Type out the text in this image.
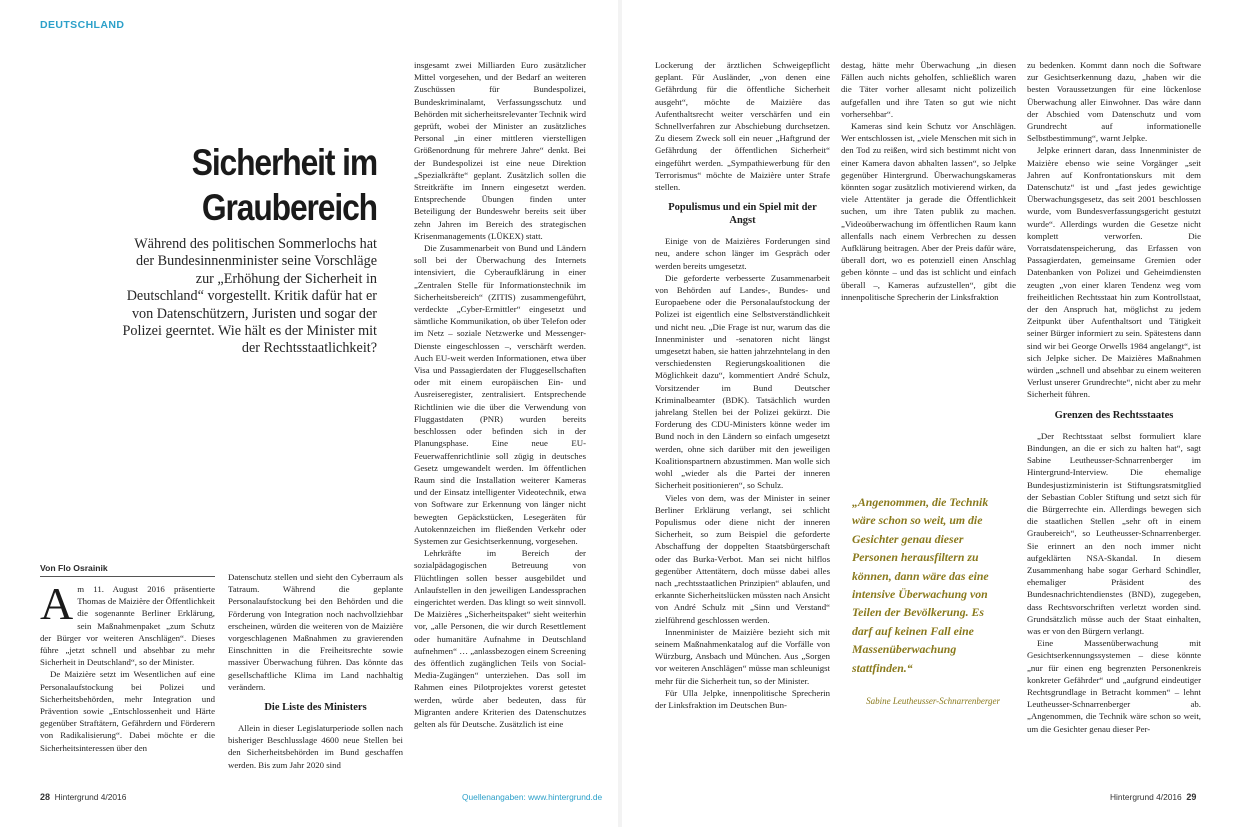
DEUTSCHLAND
Sicherheit im
Graubereich
Während des politischen Sommerlochs hat der Bundesinnenminister seine Vorschläge zur „Erhöhung der Sicherheit in Deutschland“ vorgestellt. Kritik dafür hat er von Datenschützern, Juristen und sogar der Polizei geerntet. Wie hält es der Minister mit der Rechtsstaatlichkeit?
Von Flo Osrainik

Am 11. August 2016 präsentierte Thomas de Maizière der Öffentlichkeit die sogenannte Berliner Erklärung, sein Maßnahmenpaket „zum Schutz der Bürger vor weiteren Anschlägen“. Dieses führe „jetzt schnell und absehbar zu mehr Sicherheit in Deutschland“, so der Minister.

De Maizière setzt im Wesentlichen auf eine Personalaufstockung bei Polizei und Sicherheitsbehörden, mehr Integration und Prävention sowie „Entschlossenheit und Härte gegenüber Straftätern, Gefährdern und Förderern von Radikalisierung“. Dabei möchte er die Sicherheitsinteressen über den

Datenschutz stellen und sieht den Cyberraum als Tatraum. Während die geplante Personalaufstockung bei den Behörden und die Förderung von Integration noch nachvollziehbar erscheinen, würden die weiteren von de Maizière vorgeschlagenen Maßnahmen zu gravierenden Einschnitten in die Freiheitsrechte sowie massiver Überwachung führen. Das könnte das gesellschaftliche Klima im Land nachhaltig verändern.

Die Liste des Ministers

Allein in dieser Legislaturperiode sollen nach bisheriger Beschlusslage 4600 neue Stellen bei den Sicherheitsbehörden im Bund geschaffen werden. Bis zum Jahr 2020 sind

insgesamt zwei Milliarden Euro zusätzlicher Mittel vorgesehen, und der Bedarf an weiteren Zuschüssen für Bundespolizei, Bundeskriminalamt, Verfassungsschutz und Behörden mit sicherheitsrelevanter Technik wird geprüft, wobei der Minister an zusätzliches Personal „in einer mittleren vierstelligen Größenordnung für mehrere Jahre“ denkt. Bei der Bundespolizei ist eine neue Direktion „Spezialkräfte“ geplant. Zusätzlich sollen die Streitkräfte im Innern eingesetzt werden. Entsprechende Übungen finden unter Beteiligung der Bundeswehr bereits seit über zehn Jahren im Bereich des strategischen Krisenmanagements (LÜKEX) statt.

Die Zusammenarbeit von Bund und Ländern soll bei der Überwachung des Internets intensiviert, die Cyberaufklärung in einer „Zentralen Stelle für Informationstechnik im Sicherheitsbereich“ (ZITIS) zusammengeführt, verdeckte „Cyber-Ermittler“ eingesetzt und sämtliche Kommunikation, ob über Telefon oder im Netz – soziale Netzwerke und Messenger-Dienste eingeschlossen –, verschärft werden. Auch EU-weit werden Informationen, etwa über Visa und Passagierdaten der Fluggesellschaften oder mit einem europäischen Ein- und Ausreiseregister, zentralisiert. Entsprechende Richtlinien wie die über die Verwendung von Fluggastdaten (PNR) wurden bereits beschlossen oder befinden sich in der Planungsphase. Eine neue EU-Feuerwaffenrichtlinie soll zügig in deutsches Gesetz umgewandelt werden. Im öffentlichen Raum sind die Installation weiterer Kameras und der Einsatz intelligenter Videotechnik, etwa von Software zur Erkennung von länger nicht bewegten Gepäckstücken, Lesegeräten für Autokennzeichen im fließenden Verkehr oder Systemen zur Gesichtserkennung, vorgesehen.

Lehrkräfte im Bereich der sozialpädagogischen Betreuung von Flüchtlingen sollen besser ausgebildet und Anlaufstellen in den jeweiligen Landessprachen eingerichtet werden. Das klingt so weit sinnvoll. De Maizières „Sicherheitspaket“ sieht weiterhin vor, „alle Personen, die wir durch Resettlement oder humanitäre Aufnahme in Deutschland aufnehmen“ … „anlassbezogen einem Screening des öffentlich zugänglichen Teils von Social-Media-Zugängen“ unterziehen. Das soll im Rahmen eines Pilotprojektes vorerst getestet werden, würde aber bedeuten, dass für Migranten andere Kriterien des Datenschutzes gelten als für Deutsche. Zusätzlich ist eine

Lockerung der ärztlichen Schweigepflicht geplant. Für Ausländer, „von denen eine Gefährdung für die öffentliche Sicherheit ausgeht“, möchte de Maizière das Aufenthaltsrecht weiter verschärfen und ein Schnellverfahren zur Abschiebung durchsetzen. Zu diesem Zweck soll ein neuer „Haftgrund der Gefährdung der öffentlichen Sicherheit“ eingeführt werden. „Sympathiewerbung für den Terrorismus“ möchte de Maizière unter Strafe stellen.

Populismus und ein Spiel mit der Angst

Einige von de Maizières Forderungen sind neu, andere schon länger im Gespräch oder werden bereits umgesetzt.

Die geforderte verbesserte Zusammenarbeit von Behörden auf Landes-, Bundes- und Europaebene oder die Personalaufstockung der Polizei ist eigentlich eine Selbstverständlichkeit und nicht neu. „Die Frage ist nur, warum das die Innenminister und -senatoren nicht längst umgesetzt haben, sie hatten jahrzehntelang in den verschiedensten Regierungskoalitionen die Möglichkeit dazu“, kommentiert André Schulz, Vorsitzender im Bund Deutscher Kriminalbeamter (BDK). Tatsächlich wurden jahrelang Stellen bei der Polizei gekürzt. Die Forderung des CDU-Ministers könne weder im Bund noch in den Ländern so einfach umgesetzt werden, ohne sich darüber mit den jeweiligen Koalitionspartnern abzustimmen. Man wolle sich wohl „wieder als die Partei der inneren Sicherheit positionieren“, so Schulz.

Vieles von dem, was der Minister in seiner Berliner Erklärung verlangt, sei schlicht Populismus oder diene nicht der inneren Sicherheit, so zum Beispiel die geforderte Abschaffung der doppelten Staatsbürgerschaft oder das Burka-Verbot. Man sei nicht hilflos gegenüber Attentätern, doch müsse dabei alles nach „rechtsstaatlichen Prinzipien“ ablaufen, und erkannte Sicherheitslücken müssten nach Ansicht von André Schulz mit „Sinn und Verstand“ zielführend geschlossen werden.

Innenminister de Maizière bezieht sich mit seinem Maßnahmenkatalog auf die Vorfälle von Würzburg, Ansbach und München. Aus „Sorgen vor weiteren Anschlägen“ müsse man schleunigst mehr für die Sicherheit tun, so der Minister.

Für Ulla Jelpke, innenpolitische Sprecherin der Linksfraktion im Deutschen Bun-

destag, hätte mehr Überwachung „in diesen Fällen auch nichts geholfen, schließlich waren die Täter vorher allesamt nicht polizeilich aufgefallen und ihre Taten so gut wie nicht vorhersehbar“.

Kameras sind kein Schutz vor Anschlägen. Wer entschlossen ist, „viele Menschen mit sich in den Tod zu reißen, wird sich bestimmt nicht von einer Kamera davon abhalten lassen“, so Jelpke gegenüber Hintergrund. Überwachungskameras könnten sogar zusätzlich motivierend wirken, da viele Attentäter ja gerade die Öffentlichkeit suchen, um ihre Taten publik zu machen. „Videoüberwachung im öffentlichen Raum kann allenfalls nach einem Verbrechen zu dessen Aufklärung beitragen. Aber der Preis dafür wäre, überall dort, wo es potenziell einen Anschlag geben könnte – und das ist schlicht und einfach überall –, Kameras aufzustellen“, gibt die innenpolitische Sprecherin der Linksfraktion

„Angenommen, die Technik wäre schon so weit, um die Gesichter genau dieser Personen herausfiltern zu können, dann wäre das eine intensive Überwachung von Teilen der Bevölkerung. Es darf auf keinen Fall eine Massenüberwachung stattfinden.“
Sabine Leutheusser-Schnarrenberger

zu bedenken. Kommt dann noch die Software zur Gesichtserkennung dazu, „haben wir die besten Voraussetzungen für eine lückenlose Überwachung aller Einwohner. Das wäre dann der Abschied vom Datenschutz und vom Grundrecht auf informationelle Selbstbestimmung“, warnt Jelpke.

Jelpke erinnert daran, dass Innenminister de Maizière ebenso wie seine Vorgänger „seit Jahren auf Konfrontationskurs mit dem Datenschutz“ ist und „fast jedes gewichtige Überwachungsgesetz, das seit 2001 beschlossen wurde, vom Bundesverfassungsgericht gestutzt wurde“. Allerdings wurden die Gesetze nicht komplett verworfen. Die Vorratsdatenspeicherung, das Erfassen von Passagierdaten, gemeinsame Gremien oder Datenbanken von Polizei und Geheimdiensten zeugten „von einer klaren Tendenz weg vom freiheitlichen Rechtsstaat hin zum Kontrollstaat, der den Anspruch hat, möglichst zu jedem Zeitpunkt über Aufenthaltsort und Tätigkeit seiner Bürger informiert zu sein. Spätestens dann sind wir bei George Orwells 1984 angelangt“, ist sich Jelpke sicher. De Maizières Maßnahmen würden „schnell und absehbar zu einem weiteren Verlust unserer Grundrechte“, nicht aber zu mehr Sicherheit führen.

Grenzen des Rechtsstaates

„Der Rechtsstaat selbst formuliert klare Bindungen, an die er sich zu halten hat“, sagt Sabine Leutheusser-Schnarrenberger im Hintergrund-Interview. Die ehemalige Bundesjustizministerin ist Stiftungsratsmitglied der Sebastian Cobler Stiftung und setzt sich für die Bürgerrechte ein. Allerdings bewegen sich die staatlichen Stellen „sehr oft in einem Graubereich“, so Leutheusser-Schnarrenberger. Sie erinnert an den noch immer nicht aufgeklärten NSA-Skandal. In diesem Zusammenhang habe sogar Gerhard Schindler, ehemaliger Präsident des Bundesnachrichtendienstes (BND), zugegeben, dass Rechtsvorschriften verletzt worden sind. Grundsätzlich müsse auch der Staat einhalten, was er von den Bürgern verlangt.

Eine Massenüberwachung mit Gesichtserkennungssystemen – diese könnte „nur für einen eng begrenzten Personenkreis konkreter Gefährder“ und „aufgrund eindeutiger Rechtsgrundlage in Betracht kommen“ – lehnt Leutheusser-Schnarrenberger ab. „Angenommen, die Technik wäre schon so weit, um die Gesichter genau dieser Per-

28 Hintergrund 4/2016	Quellenangaben: www.hintergrund.de	Hintergrund 4/2016 29
